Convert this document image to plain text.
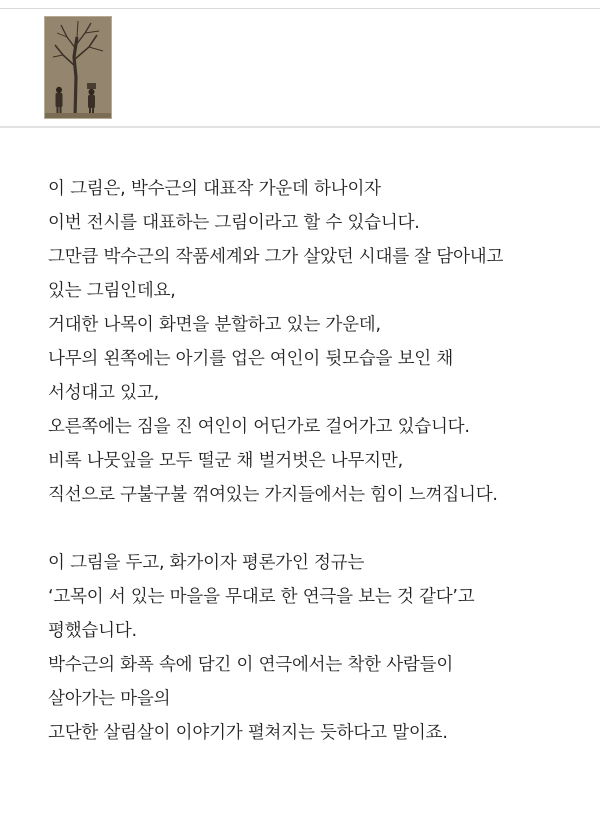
이 그림은, 박수근의 대표작 가운데 하나이자
이번 전시를 대표하는 그림이라고 할 수 있습니다.
그만큼 박수근의 작품세계와 그가 살았던 시대를 잘 담아내고
있는 그림인데요,
거대한 나목이 화면을 분할하고 있는 가운데,
나무의 왼쪽에는 아기를 업은 여인이 뒷모습을 보인 채
서성대고 있고,
오른쪽에는 짐을 진 여인이 어딘가로 걸어가고 있습니다.
비록 나뭇잎을 모두 떨군 채 벌거벗은 나무지만,
직선으로 구불구불 꺾여있는 가지들에서는 힘이 느껴집니다.

이 그림을 두고, 화가이자 평론가인 정규는
‘고목이 서 있는 마을을 무대로 한 연극을 보는 것 같다’고
평했습니다.
박수근의 화폭 속에 담긴 이 연극에서는 착한 사람들이
살아가는 마을의
고단한 살림살이 이야기가 펼쳐지는 듯하다고 말이죠.
